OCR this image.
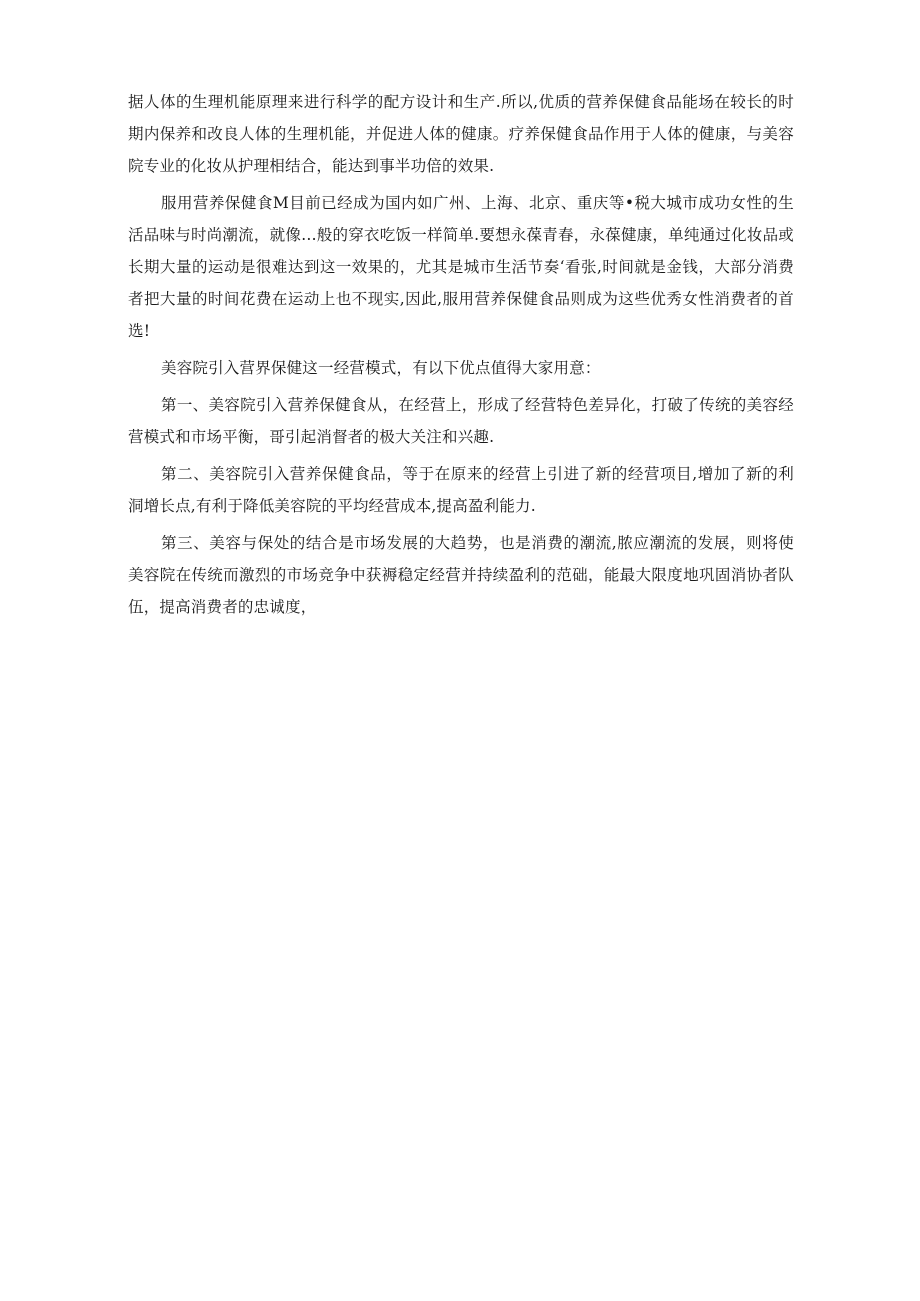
据人体的生理机能原理来进行科学的配方设计和生产.所以,优质的营养保健食品能场在较长的时期内保养和改良人体的生理机能，并促进人体的健康。疗养保健食品作用于人体的健康，与美容院专业的化妆从护理相结合，能达到事半功倍的效果.

服用营养保健食M目前已经成为国内如广州、上海、北京、重庆等•税大城市成功女性的生活品味与时尚潮流，就像…般的穿衣吃饭一样简单.要想永葆青春，永葆健康，单纯通过化妆品或长期大量的运动是很难达到这一效果的，尤其是城市生活节奏‘看张,时间就是金钱，大部分消费者把大量的时间花费在运动上也不现实,因此,服用营养保健食品则成为这些优秀女性消费者的首选!

美容院引入营界保健这一经营模式，有以下优点值得大家用意：

第一、美容院引入营养保健食从，在经营上，形成了经营特色差异化，打破了传统的美容经营模式和市场平衡，哥引起消督者的极大关注和兴趣.

第二、美容院引入营养保健食品，等于在原来的经营上引进了新的经营项目,增加了新的利洞增长点,有利于降低美容院的平均经营成本,提高盈利能力.

第三、美容与保处的结合是市场发展的大趋势，也是消费的潮流,脓应潮流的发展，则将使美容院在传统而激烈的市场竞争中获褥稳定经营并持续盈利的范础，能最大限度地巩固消协者队伍，提高消费者的忠诚度，
